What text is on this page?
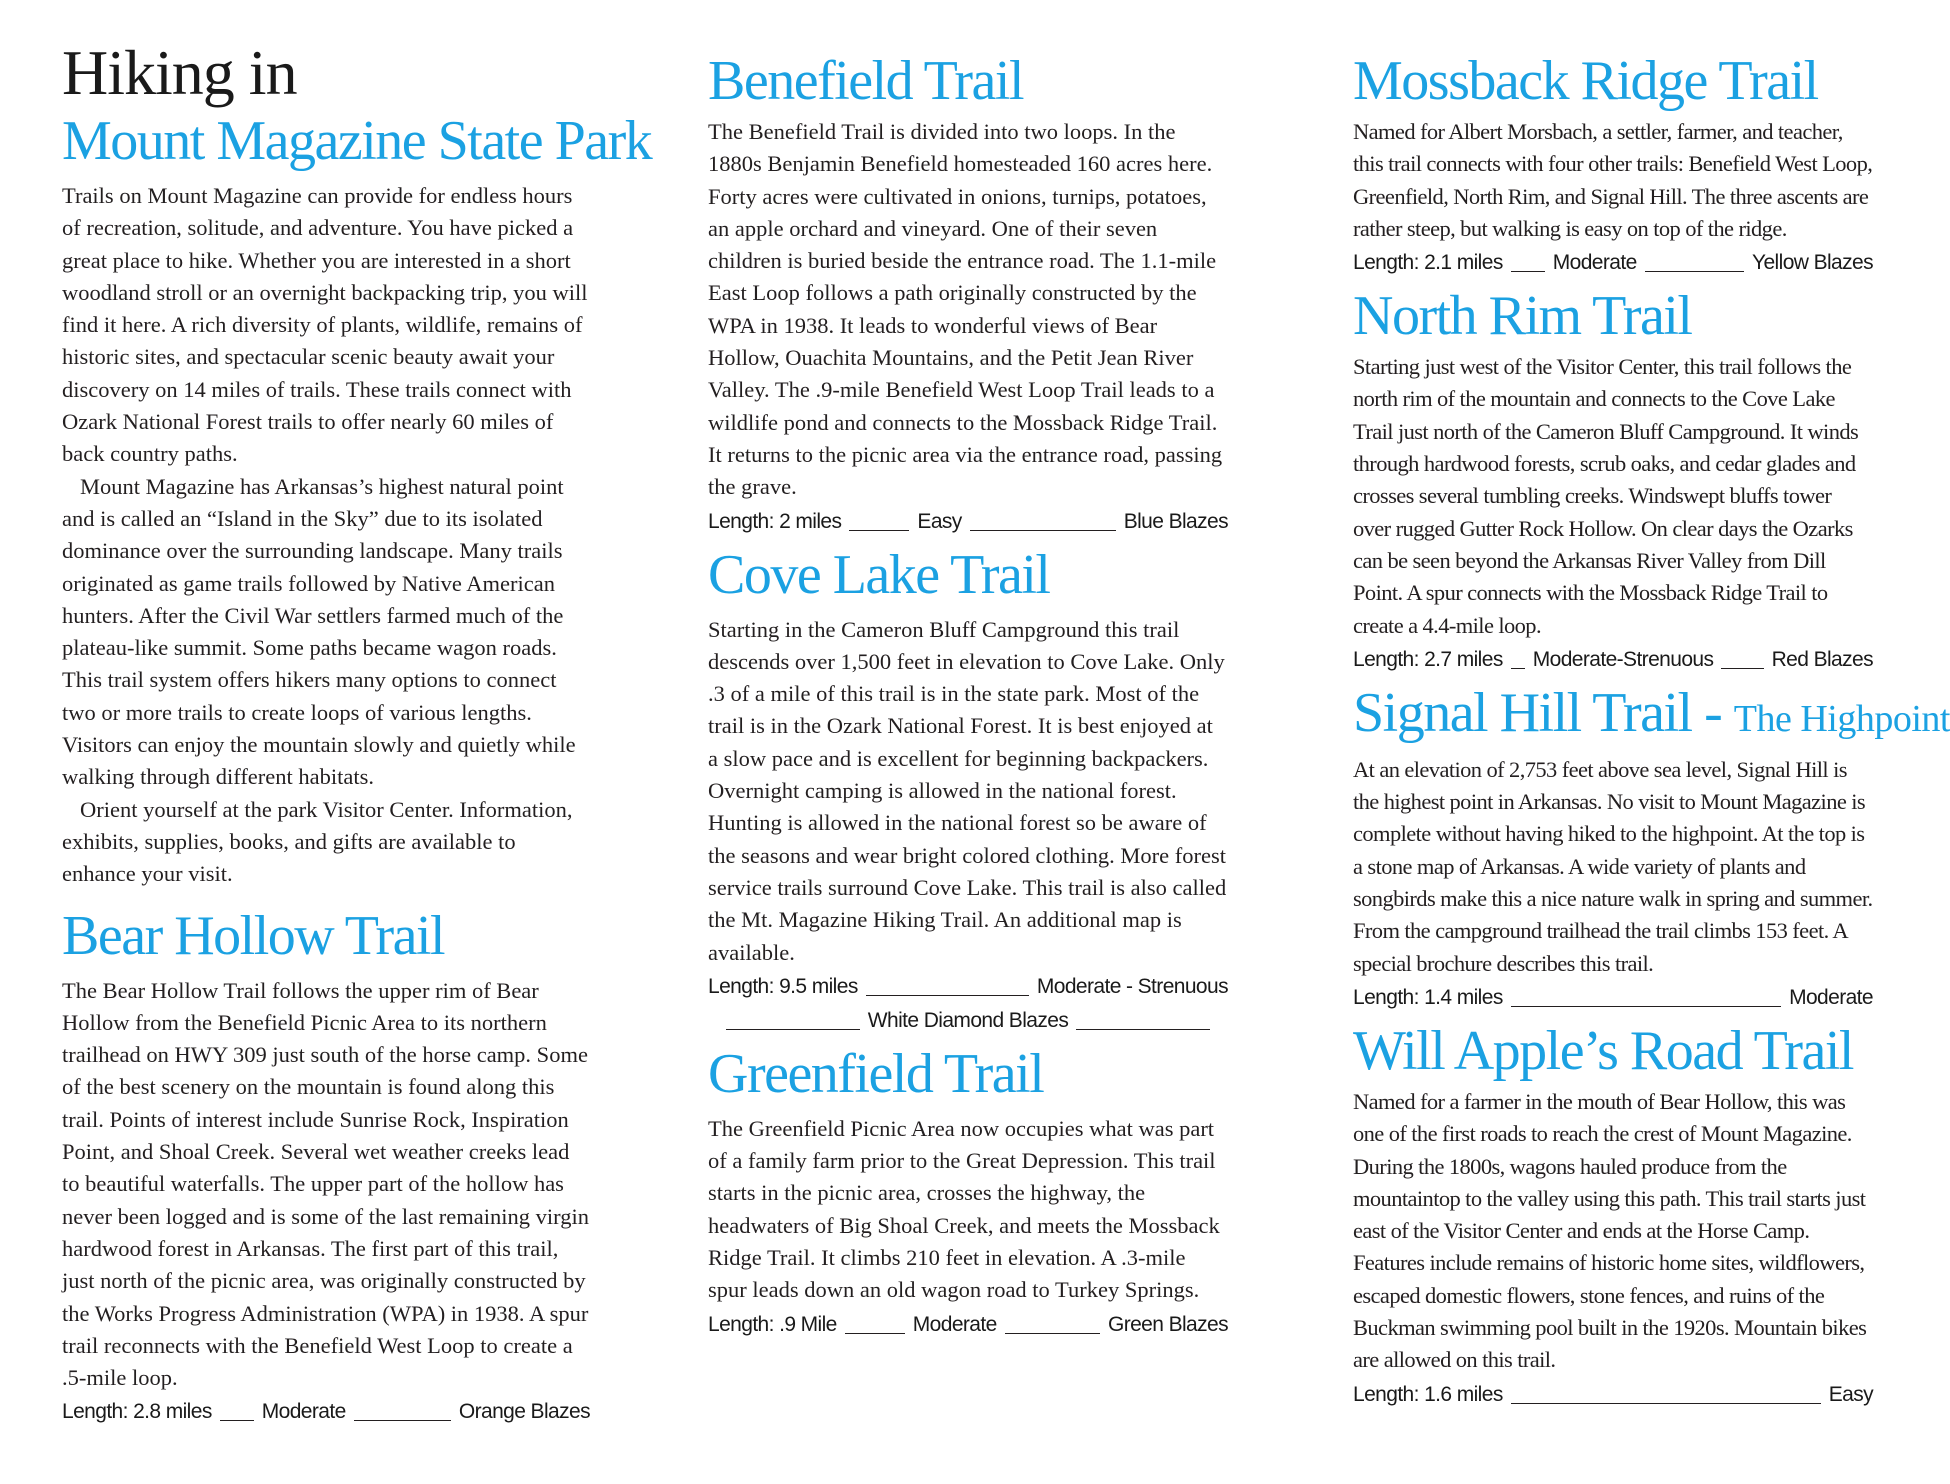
Hiking in
Mount Magazine State Park

Trails on Mount Magazine can provide for endless hours of recreation, solitude, and adventure. You have picked a great place to hike. Whether you are interested in a short woodland stroll or an overnight backpacking trip, you will find it here. A rich diversity of plants, wildlife, remains of historic sites, and spectacular scenic beauty await your discovery on 14 miles of trails. These trails connect with Ozark National Forest trails to offer nearly 60 miles of back country paths.

Mount Magazine has Arkansas’s highest natural point and is called an “Island in the Sky” due to its isolated dominance over the surrounding landscape. Many trails originated as game trails followed by Native American hunters. After the Civil War settlers farmed much of the plateau-like summit. Some paths became wagon roads. This trail system offers hikers many options to connect two or more trails to create loops of various lengths. Visitors can enjoy the mountain slowly and quietly while walking through different habitats.

Orient yourself at the park Visitor Center. Information, exhibits, supplies, books, and gifts are available to enhance your visit.

Bear Hollow Trail

The Bear Hollow Trail follows the upper rim of Bear Hollow from the Benefield Picnic Area to its northern trailhead on HWY 309 just south of the horse camp. Some of the best scenery on the mountain is found along this trail. Points of interest include Sunrise Rock, Inspiration Point, and Shoal Creek. Several wet weather creeks lead to beautiful waterfalls. The upper part of the hollow has never been logged and is some of the last remaining virgin hardwood forest in Arkansas. The first part of this trail, just north of the picnic area, was originally constructed by the Works Progress Administration (WPA) in 1938. A spur trail reconnects with the Benefield West Loop to create a .5-mile loop.

Length: 2.8 miles Moderate	Orange Blazes
Benefield Trail

The Benefield Trail is divided into two loops. In the 1880s Benjamin Benefield homesteaded 160 acres here. Forty acres were cultivated in onions, turnips, potatoes, an apple orchard and vineyard. One of their seven children is buried beside the entrance road. The 1.1-mile East Loop follows a path originally constructed by the WPA in 1938. It leads to wonderful views of Bear Hollow, Ouachita Mountains, and the Petit Jean River Valley. The .9-mile Benefield West Loop Trail leads to a wildlife pond and connects to the Mossback Ridge Trail. It returns to the picnic area via the entrance road, passing the grave.

Length: 2 miles	Easy	Blue Blazes
Cove Lake Trail

Starting in the Cameron Bluff Campground this trail descends over 1,500 feet in elevation to Cove Lake. Only .3 of a mile of this trail is in the state park. Most of the trail is in the Ozark National Forest. It is best enjoyed at a slow pace and is excellent for beginning backpackers. Overnight camping is allowed in the national forest. Hunting is allowed in the national forest so be aware of the seasons and wear bright colored clothing. More forest service trails surround Cove Lake. This trail is also called the Mt. Magazine Hiking Trail. An additional map is available.

Length: 9.5 miles	Moderate - Strenuous
White Diamond Blazes
Greenfield Trail

The Greenfield Picnic Area now occupies what was part of a family farm prior to the Great Depression. This trail starts in the picnic area, crosses the highway, the headwaters of Big Shoal Creek, and meets the Mossback Ridge Trail. It climbs 210 feet in elevation. A .3-mile spur leads down an old wagon road to Turkey Springs.

Length: .9 Mile	Moderate	Green Blazes
Mossback Ridge Trail

Named for Albert Morsbach, a settler, farmer, and teacher, this trail connects with four other trails: Benefield West Loop, Greenfield, North Rim, and Signal Hill. The three ascents are rather steep, but walking is easy on top of the ridge.

Length: 2.1 miles Moderate	Yellow Blazes
North Rim Trail

Starting just west of the Visitor Center, this trail follows the north rim of the mountain and connects to the Cove Lake Trail just north of the Cameron Bluff Campground. It winds through hardwood forests, scrub oaks, and cedar glades and crosses several tumbling creeks. Windswept bluffs tower over rugged Gutter Rock Hollow. On clear days the Ozarks can be seen beyond the Arkansas River Valley from Dill Point. A spur connects with the Mossback Ridge Trail to create a 4.4-mile loop.

Length: 2.7 miles Moderate-Strenuous	Red Blazes
Signal Hill Trail - The Highpoint

At an elevation of 2,753 feet above sea level, Signal Hill is the highest point in Arkansas. No visit to Mount Magazine is complete without having hiked to the highpoint. At the top is a stone map of Arkansas. A wide variety of plants and songbirds make this a nice nature walk in spring and summer. From the campground trailhead the trail climbs 153 feet. A special brochure describes this trail.

Length: 1.4 miles	Moderate
Will Apple’s Road Trail

Named for a farmer in the mouth of Bear Hollow, this was one of the first roads to reach the crest of Mount Magazine. During the 1800s, wagons hauled produce from the mountaintop to the valley using this path. This trail starts just east of the Visitor Center and ends at the Horse Camp. Features include remains of historic home sites, wildflowers, escaped domestic flowers, stone fences, and ruins of the Buckman swimming pool built in the 1920s. Mountain bikes are allowed on this trail.

Length: 1.6 miles	Easy
